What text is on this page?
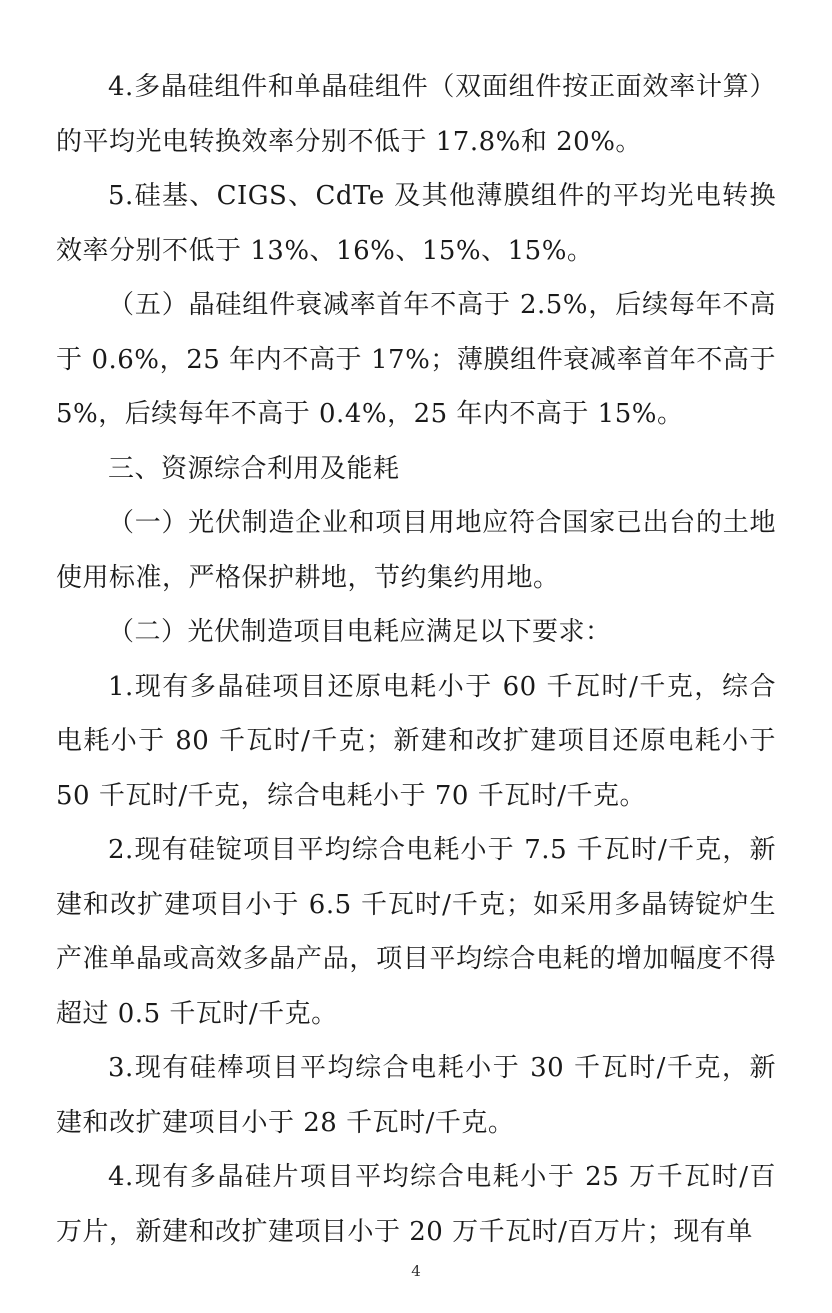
4.多晶硅组件和单晶硅组件（双面组件按正面效率计算）的平均光电转换效率分别不低于 17.8%和 20%。

5.硅基、CIGS、CdTe 及其他薄膜组件的平均光电转换效率分别不低于 13%、16%、15%、15%。

（五）晶硅组件衰减率首年不高于 2.5%，后续每年不高于 0.6%，25 年内不高于 17%；薄膜组件衰减率首年不高于 5%，后续每年不高于 0.4%，25 年内不高于 15%。

三、资源综合利用及能耗

（一）光伏制造企业和项目用地应符合国家已出台的土地使用标准，严格保护耕地，节约集约用地。

（二）光伏制造项目电耗应满足以下要求：

1.现有多晶硅项目还原电耗小于 60 千瓦时/千克，综合电耗小于 80 千瓦时/千克；新建和改扩建项目还原电耗小于 50 千瓦时/千克，综合电耗小于 70 千瓦时/千克。

2.现有硅锭项目平均综合电耗小于 7.5 千瓦时/千克，新建和改扩建项目小于 6.5 千瓦时/千克；如采用多晶铸锭炉生产准单晶或高效多晶产品，项目平均综合电耗的增加幅度不得超过 0.5 千瓦时/千克。

3.现有硅棒项目平均综合电耗小于 30 千瓦时/千克，新建和改扩建项目小于 28 千瓦时/千克。

4.现有多晶硅片项目平均综合电耗小于 25 万千瓦时/百万片，新建和改扩建项目小于 20 万千瓦时/百万片；现有单

4
